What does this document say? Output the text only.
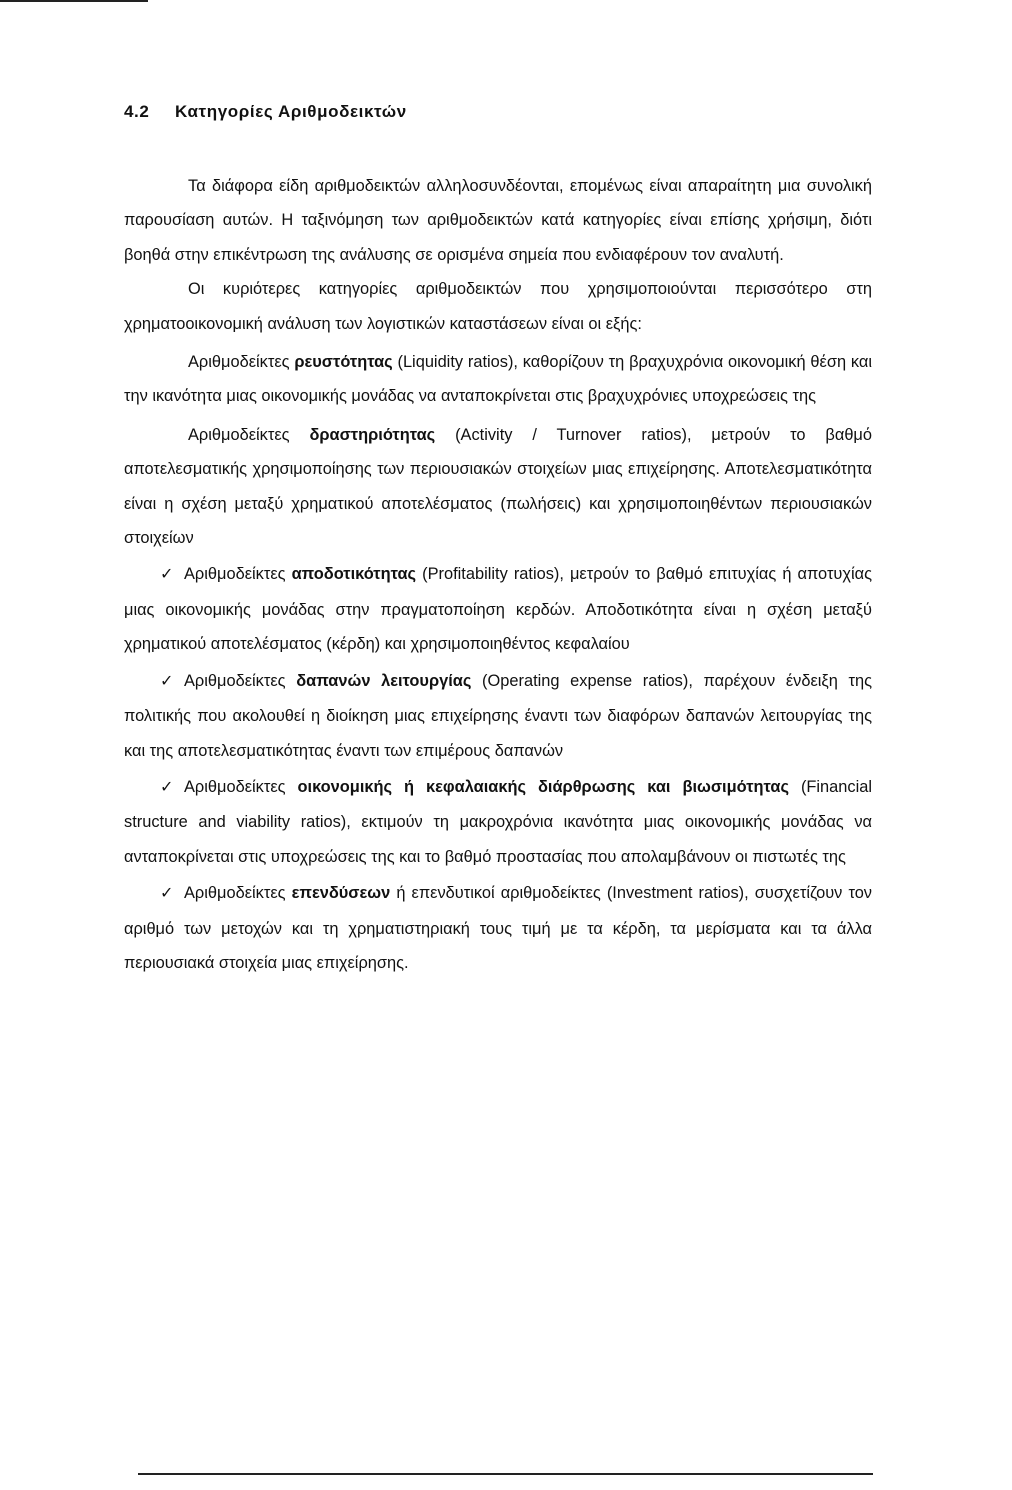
4.2 Κατηγορίες Αριθμοδεικτών

Τα διάφορα είδη αριθμοδεικτών αλληλοσυνδέονται, επομένως είναι απαραίτητη μια συνολική παρουσίαση αυτών. Η ταξινόμηση των αριθμοδεικτών κατά κατηγορίες είναι επίσης χρήσιμη, διότι βοηθά στην επικέντρωση της ανάλυσης σε ορισμένα σημεία που ενδιαφέρουν τον αναλυτή.

Οι κυριότερες κατηγορίες αριθμοδεικτών που χρησιμοποιούνται περισσότερο στη χρηματοοικονομική ανάλυση των λογιστικών καταστάσεων είναι οι εξής:

Αριθμοδείκτες ρευστότητας (Liquidity ratios), καθορίζουν τη βραχυχρόνια οικονομική θέση και την ικανότητα μιας οικονομικής μονάδας να ανταποκρίνεται στις βραχυχρόνιες υποχρεώσεις της

Αριθμοδείκτες δραστηριότητας (Activity / Turnover ratios), μετρούν το βαθμό αποτελεσματικής χρησιμοποίησης των περιουσιακών στοιχείων μιας επιχείρησης. Αποτελεσματικότητα είναι η σχέση μεταξύ χρηματικού αποτελέσματος (πωλήσεις) και χρησιμοποιηθέντων περιουσιακών στοιχείων

✓ Αριθμοδείκτες αποδοτικότητας (Profitability ratios), μετρούν το βαθμό επιτυχίας ή αποτυχίας μιας οικονομικής μονάδας στην πραγματοποίηση κερδών. Αποδοτικότητα είναι η σχέση μεταξύ χρηματικού αποτελέσματος (κέρδη) και χρησιμοποιηθέντος κεφαλαίου

✓ Αριθμοδείκτες δαπανών λειτουργίας (Operating expense ratios), παρέχουν ένδειξη της πολιτικής που ακολουθεί η διοίκηση μιας επιχείρησης έναντι των διαφόρων δαπανών λειτουργίας της και της αποτελεσματικότητας έναντι των επιμέρους δαπανών

✓ Αριθμοδείκτες οικονομικής ή κεφαλαιακής διάρθρωσης και βιωσιμότητας (Financial structure and viability ratios), εκτιμούν τη μακροχρόνια ικανότητα μιας οικονομικής μονάδας να ανταποκρίνεται στις υποχρεώσεις της και το βαθμό προστασίας που απολαμβάνουν οι πιστωτές της

✓ Αριθμοδείκτες επενδύσεων ή επενδυτικοί αριθμοδείκτες (Investment ratios), συσχετίζουν τον αριθμό των μετοχών και τη χρηματιστηριακή τους τιμή με τα κέρδη, τα μερίσματα και τα άλλα περιουσιακά στοιχεία μιας επιχείρησης.
